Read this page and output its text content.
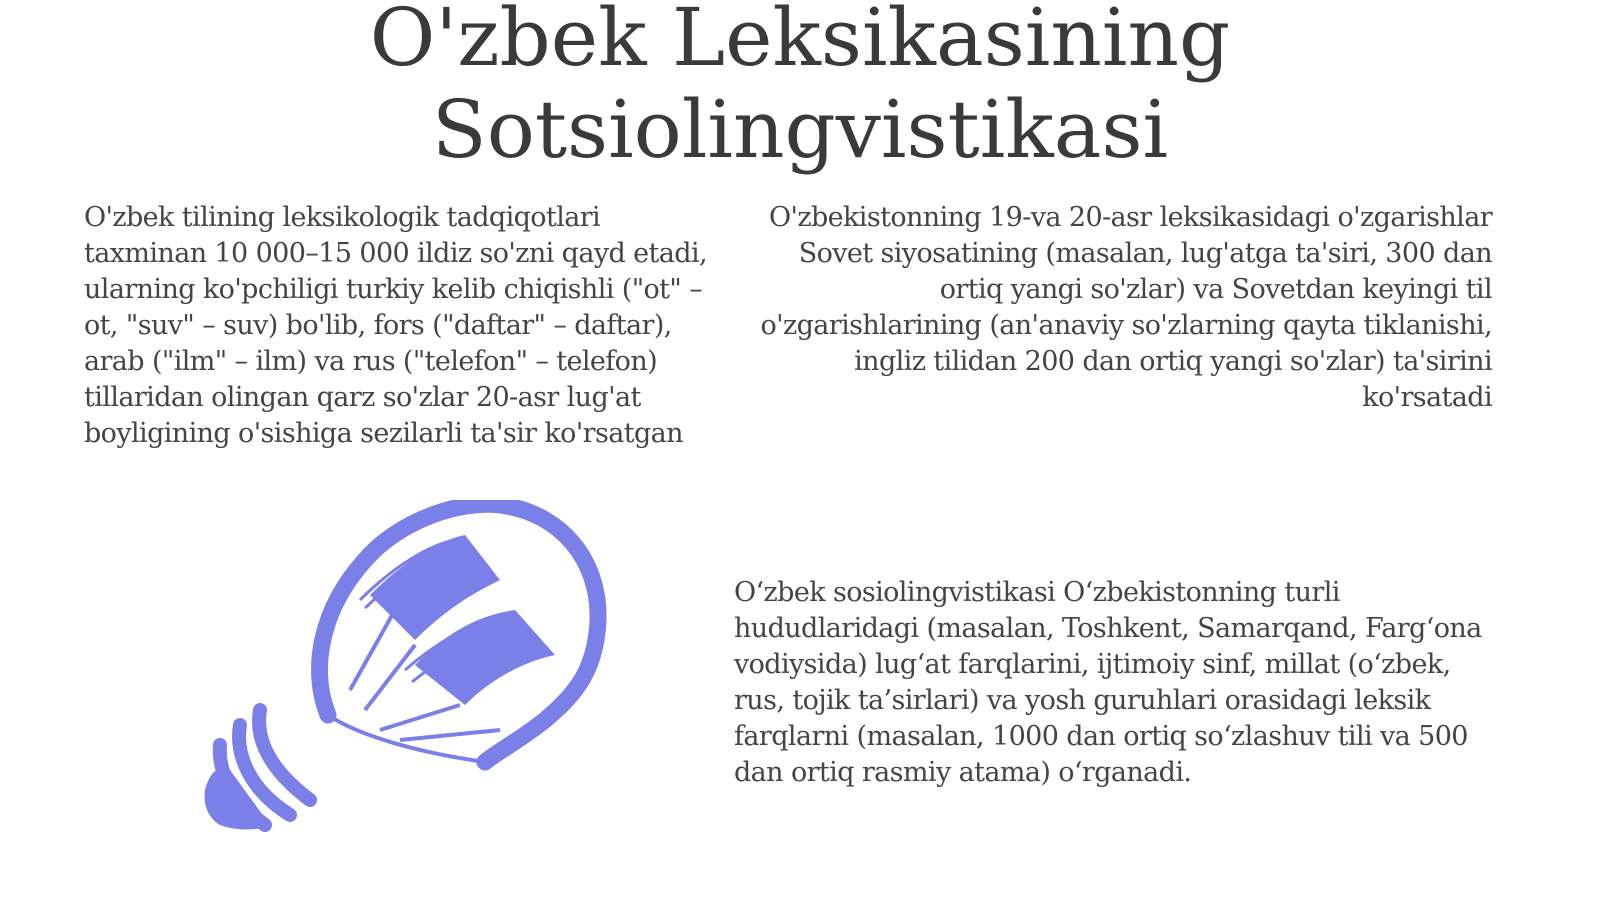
O'zbek Leksikasining
Sotsiolingvistikasi

O'zbek tilining leksikologik tadqiqotlari taxminan 10 000–15 000 ildiz so'zni qayd etadi, ularning ko'pchiligi turkiy kelib chiqishli ("ot" – ot, "suv" – suv) bo'lib, fors ("daftar" – daftar), arab ("ilm" – ilm) va rus ("telefon" – telefon) tillaridan olingan qarz so'zlar 20-asr lug'at boyligining o'sishiga sezilarli ta'sir ko'rsatgan

O'zbekistonning 19-va 20-asr leksikasidagi o'zgarishlar Sovet siyosatining (masalan, lug'atga ta'siri, 300 dan ortiq yangi so'zlar) va Sovetdan keyingi til o'zgarishlarining (an'anaviy so'zlarning qayta tiklanishi, ingliz tilidan 200 dan ortiq yangi so'zlar) ta'sirini ko'rsatadi

O‘zbek sosiolingvistikasi O‘zbekistonning turli hududlaridagi (masalan, Toshkent, Samarqand, Farg‘ona vodiysida) lug‘at farqlarini, ijtimoiy sinf, millat (o‘zbek, rus, tojik ta’sirlari) va yosh guruhlari orasidagi leksik farqlarni (masalan, 1000 dan ortiq so‘zlashuv tili va 500 dan ortiq rasmiy atama) o‘rganadi.
